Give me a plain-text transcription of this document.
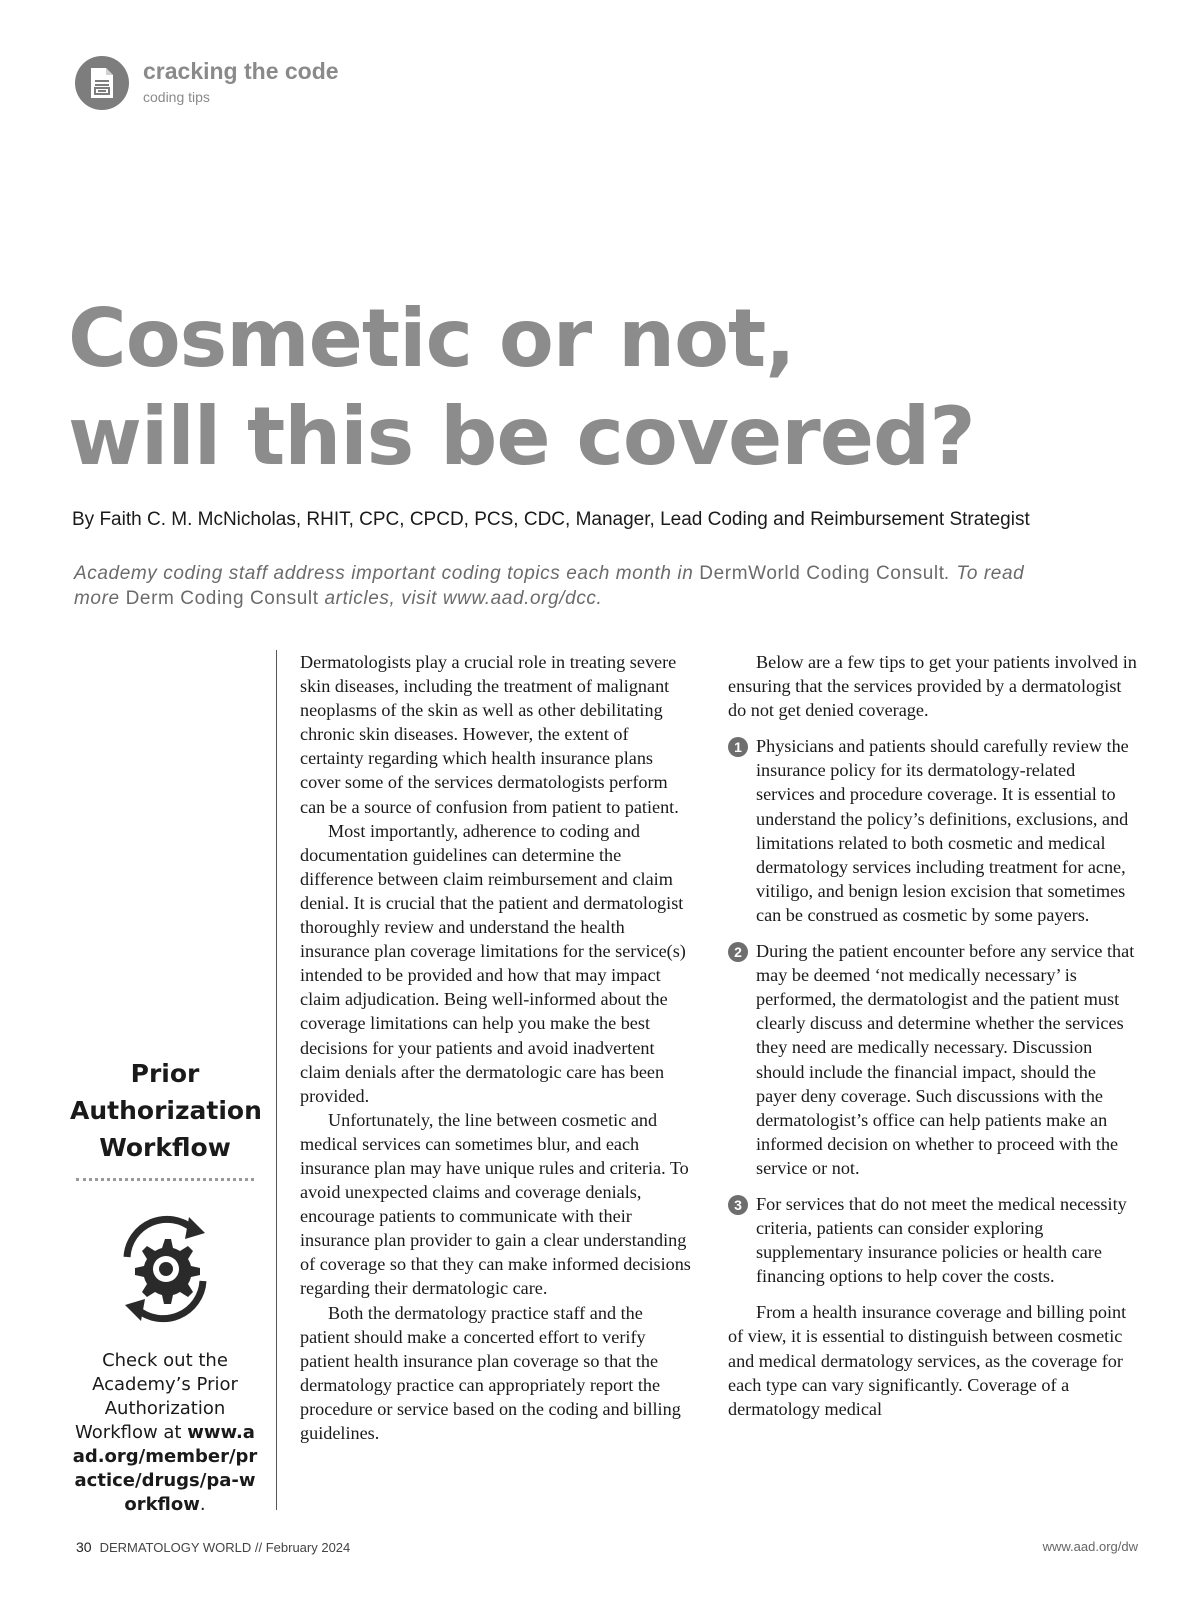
cracking the code
coding tips
Cosmetic or not,
will this be covered?
By Faith C. M. McNicholas, RHIT, CPC, CPCD, PCS, CDC, Manager, Lead Coding and Reimbursement Strategist
Academy coding staff address important coding topics each month in DermWorld Coding Consult. To read more Derm Coding Consult articles, visit www.aad.org/dcc.
Prior
Authorization
Workflow
Check out the Academy’s Prior Authorization Workflow at www.aad.org/member/practice/drugs/pa-workflow.

Dermatologists play a crucial role in treating severe skin diseases, including the treatment of malignant neoplasms of the skin as well as other debilitating chronic skin diseases. However, the extent of certainty regarding which health insurance plans cover some of the services dermatologists perform can be a source of confusion from patient to patient.

Most importantly, adherence to coding and documentation guidelines can determine the difference between claim reimbursement and claim denial. It is crucial that the patient and dermatologist thoroughly review and understand the health insurance plan coverage limitations for the service(s) intended to be provided and how that may impact claim adjudication. Being well-informed about the coverage limitations can help you make the best decisions for your patients and avoid inadvertent claim denials after the dermatologic care has been provided.

Unfortunately, the line between cosmetic and medical services can sometimes blur, and each insurance plan may have unique rules and criteria. To avoid unexpected claims and coverage denials, encourage patients to communicate with their insurance plan provider to gain a clear understanding of coverage so that they can make informed decisions regarding their dermatologic care.

Both the dermatology practice staff and the patient should make a concerted effort to verify patient health insurance plan coverage so that the dermatology practice can appropriately report the procedure or service based on the coding and billing guidelines.

Below are a few tips to get your patients involved in ensuring that the services provided by a dermatologist do not get denied coverage.

1 Physicians and patients should carefully review the insurance policy for its dermatology-related services and procedure coverage. It is essential to understand the policy’s definitions, exclusions, and limitations related to both cosmetic and medical dermatology services including treatment for acne, vitiligo, and benign lesion excision that sometimes can be construed as cosmetic by some payers.
2 During the patient encounter before any service that may be deemed ‘not medically necessary’ is performed, the dermatologist and the patient must clearly discuss and determine whether the services they need are medically necessary. Discussion should include the financial impact, should the payer deny coverage. Such discussions with the dermatologist’s office can help patients make an informed decision on whether to proceed with the service or not.
3 For services that do not meet the medical necessity criteria, patients can consider exploring supplementary insurance policies or health care financing options to help cover the costs.

From a health insurance coverage and billing point of view, it is essential to distinguish between cosmetic and medical dermatology services, as the coverage for each type can vary significantly. Coverage of a dermatology medical

30 DERMATOLOGY WORLD // February 2024	www.aad.org/dw
